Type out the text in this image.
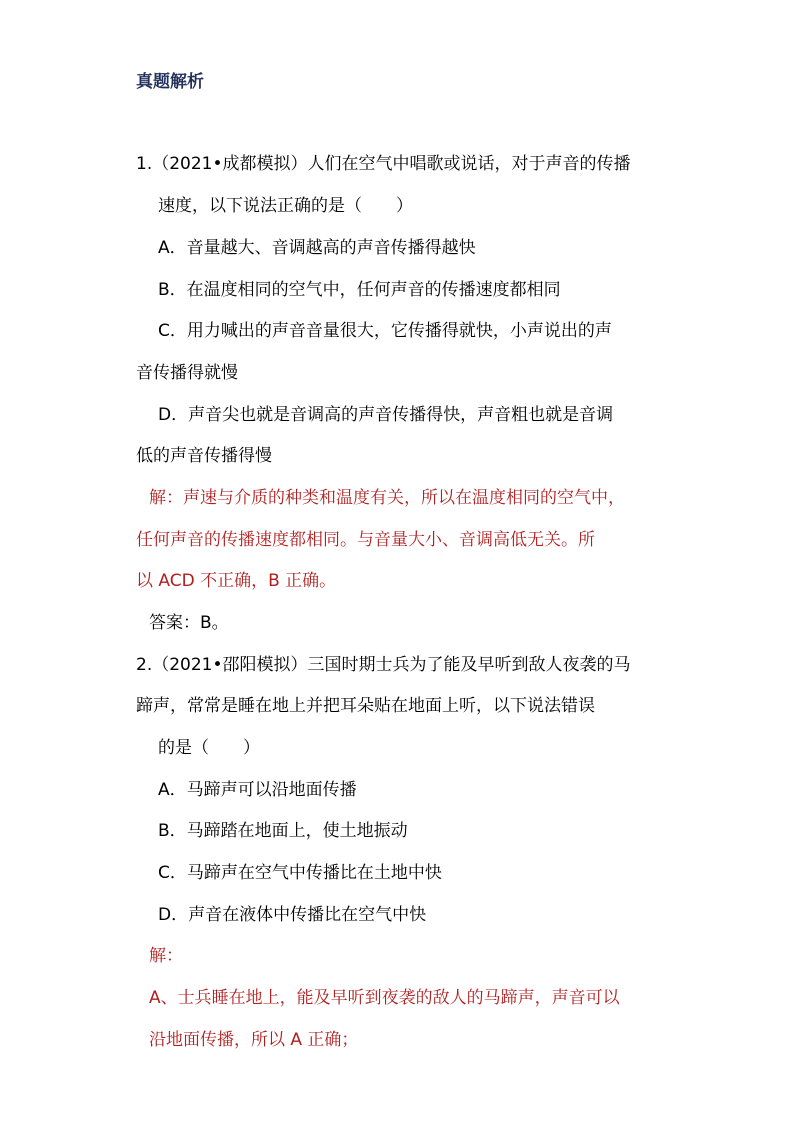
真题解析
1.（2021•成都模拟）人们在空气中唱歌或说话，对于声音的传播
速度，以下说法正确的是（ ）
A．音量越大、音调越高的声音传播得越快
B．在温度相同的空气中，任何声音的传播速度都相同
C．用力喊出的声音音量很大，它传播得就快，小声说出的声
音传播得就慢
D．声音尖也就是音调高的声音传播得快，声音粗也就是音调
低的声音传播得慢
解：声速与介质的种类和温度有关，所以在温度相同的空气中，
任何声音的传播速度都相同。与音量大小、音调高低无关。所
以 ACD 不正确，B 正确。
答案：B。
2.（2021•邵阳模拟）三国时期士兵为了能及早听到敌人夜袭的马
蹄声，常常是睡在地上并把耳朵贴在地面上听，以下说法错误
的是（ ）
A．马蹄声可以沿地面传播
B．马蹄踏在地面上，使土地振动
C．马蹄声在空气中传播比在土地中快
D．声音在液体中传播比在空气中快
解：
A、士兵睡在地上，能及早听到夜袭的敌人的马蹄声，声音可以
沿地面传播，所以 A 正确；
